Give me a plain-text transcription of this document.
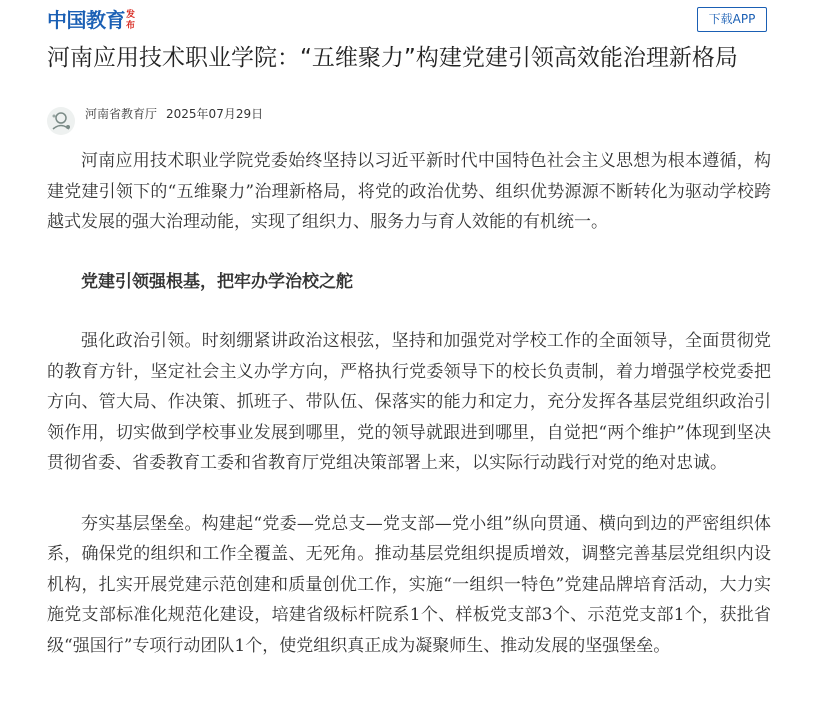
中国教育 发布	下载APP
河南应用技术职业学院：“五维聚力”构建党建引领高效能治理新格局
河南省教育厅 2025年07月29日

河南应用技术职业学院党委始终坚持以习近平新时代中国特色社会主义思想为根本遵循，构建党建引领下的“五维聚力”治理新格局，将党的政治优势、组织优势源源不断转化为驱动学校跨越式发展的强大治理动能，实现了组织力、服务力与育人效能的有机统一。

党建引领强根基，把牢办学治校之舵

强化政治引领。时刻绷紧讲政治这根弦，坚持和加强党对学校工作的全面领导，全面贯彻党的教育方针，坚定社会主义办学方向，严格执行党委领导下的校长负责制，着力增强学校党委把方向、管大局、作决策、抓班子、带队伍、保落实的能力和定力，充分发挥各基层党组织政治引领作用，切实做到学校事业发展到哪里，党的领导就跟进到哪里，自觉把“两个维护”体现到坚决贯彻省委、省委教育工委和省教育厅党组决策部署上来，以实际行动践行对党的绝对忠诚。

夯实基层堡垒。构建起“党委—党总支—党支部—党小组”纵向贯通、横向到边的严密组织体系，确保党的组织和工作全覆盖、无死角。推动基层党组织提质增效，调整完善基层党组织内设机构，扎实开展党建示范创建和质量创优工作，实施“一组织一特色”党建品牌培育活动，大力实施党支部标准化规范化建设，培建省级标杆院系1个、样板党支部3个、示范党支部1个，获批省级“强国行”专项行动团队1个，使党组织真正成为凝聚师生、推动发展的坚强堡垒。
